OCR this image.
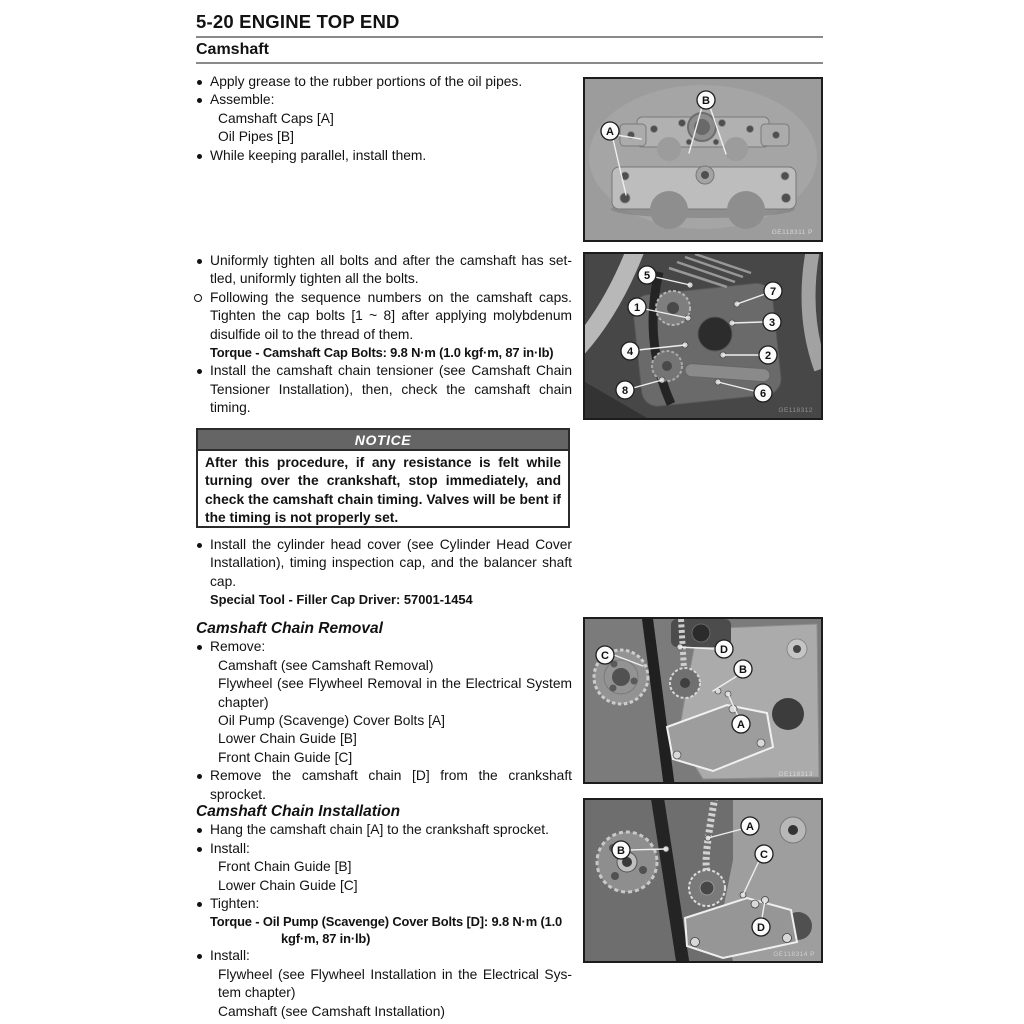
5-20 ENGINE TOP END
Camshaft

Apply grease to the rubber portions of the oil pipes.

Assemble:

Camshaft Caps [A]

Oil Pipes [B]

While keeping parallel, install them.

Uniformly tighten all bolts and after the camshaft has settled, uniformly tighten all the bolts.

Following the sequence numbers on the camshaft caps. Tighten the cap bolts [1 ~ 8] after applying molybdenum disulfide oil to the thread of them.

Torque - Camshaft Cap Bolts: 9.8 N·m (1.0 kgf·m, 87 in·lb)

Install the camshaft chain tensioner (see Camshaft Chain Tensioner Installation), then, check the camshaft chain timing.

NOTICE
After this procedure, if any resistance is felt while turning over the crankshaft, stop immediately, and check the camshaft chain timing. Valves will be bent if the timing is not properly set.

Install the cylinder head cover (see Cylinder Head Cover Installation), timing inspection cap, and the balancer shaft cap.

Special Tool - Filler Cap Driver: 57001-1454

Camshaft Chain Removal

Remove:

Camshaft (see Camshaft Removal)

Flywheel (see Flywheel Removal in the Electrical System chapter)

Oil Pump (Scavenge) Cover Bolts [A]

Lower Chain Guide [B]

Front Chain Guide [C]

Remove the camshaft chain [D] from the crankshaft sprocket.

Camshaft Chain Installation

Hang the camshaft chain [A] to the crankshaft sprocket.

Install:

Front Chain Guide [B]

Lower Chain Guide [C]

Tighten:

Torque - Oil Pump (Scavenge) Cover Bolts [D]: 9.8 N·m (1.0
kgf·m, 87 in·lb)

Install:

Flywheel (see Flywheel Installation in the Electrical System chapter)

Camshaft (see Camshaft Installation)

A
B
GE118311 P
5
1
7
3
4	2
8	6
GE118312
C	D
B
A
GE118313
A
B	C
D
GE118314 P
